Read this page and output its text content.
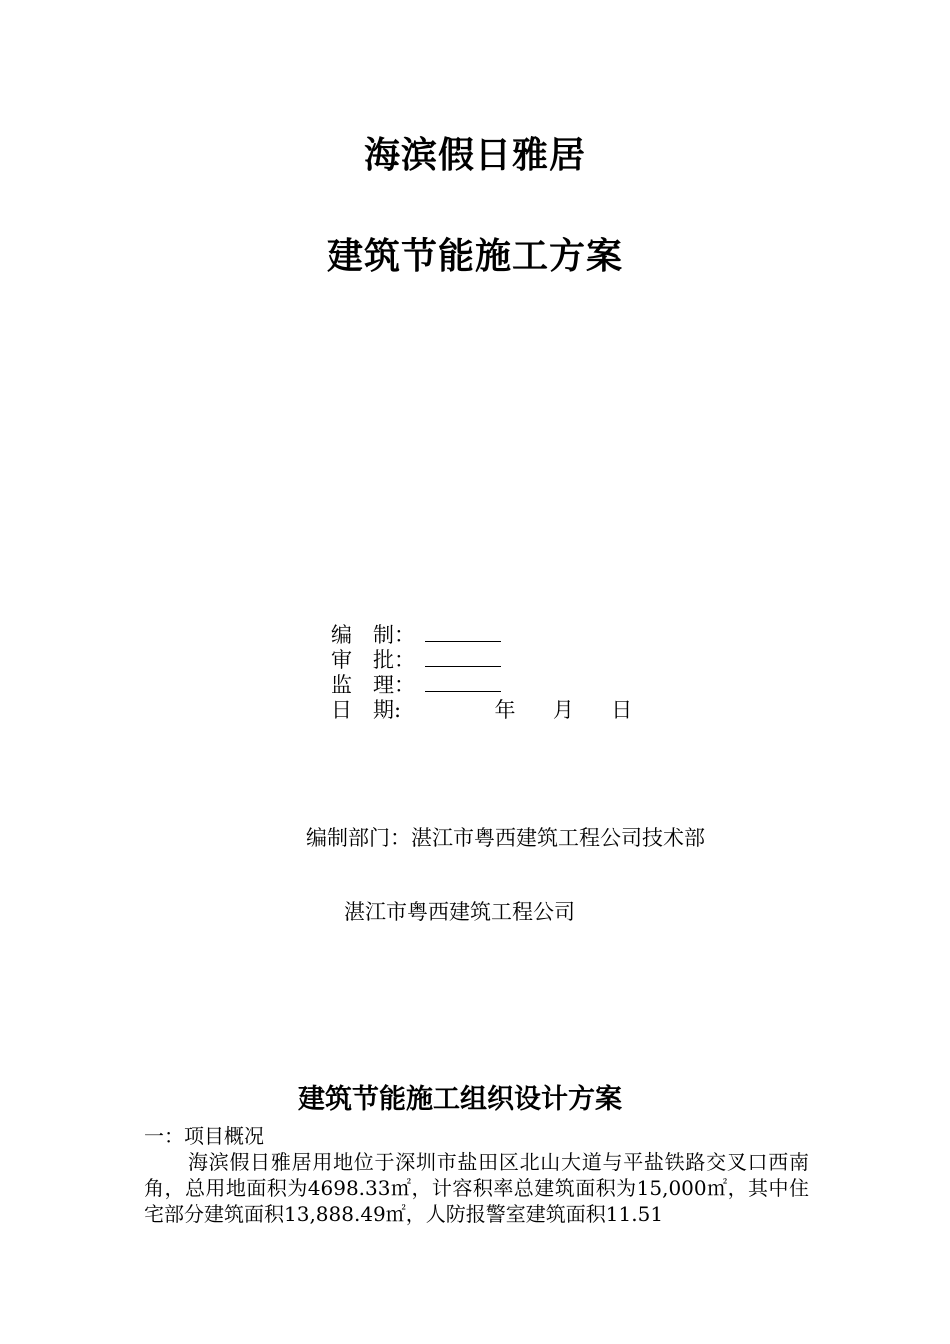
海滨假日雅居
建筑节能施工方案
编　制：
审　批：
监　理：
日　期:	年 月 日
编制部门：湛江市粤西建筑工程公司技术部
湛江市粤西建筑工程公司
建筑节能施工组织设计方案
一：项目概况
海滨假日雅居用地位于深圳市盐田区北山大道与平盐铁路交叉口西南角，总用地面积为4698.33㎡，计容积率总建筑面积为15,000㎡，其中住宅部分建筑面积13,888.49㎡，人防报警室建筑面积11.51
